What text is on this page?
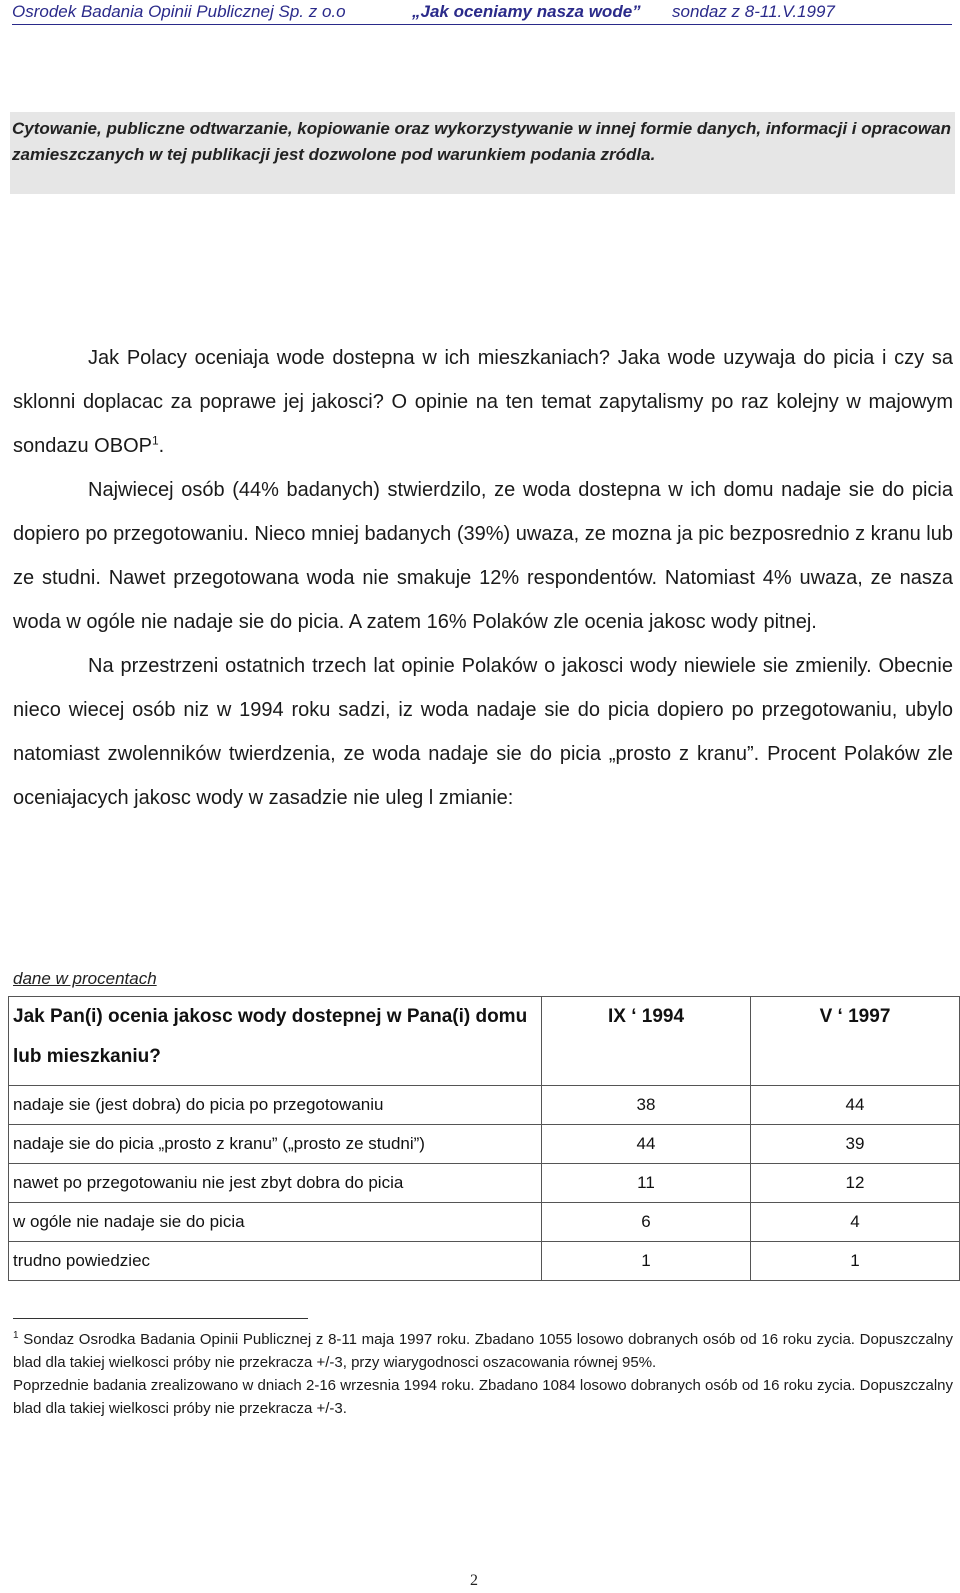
Osrodek Badania Opinii Publicznej Sp. z o.o	„Jak oceniamy nasza wode”	sondaz z 8-11.V.1997
Cytowanie, publiczne odtwarzanie, kopiowanie oraz wykorzystywanie w innej formie danych, informacji i opracowan zamieszczanych w tej publikacji jest dozwolone pod warunkiem podania zródla.

Jak Polacy oceniaja wode dostepna w ich mieszkaniach? Jaka wode uzywaja do picia i czy sa sklonni doplacac za poprawe jej jakosci? O opinie na ten temat zapytalismy po raz kolejny w majowym sondazu OBOP$^1$.

Najwiecej osób (44% badanych) stwierdzilo, ze woda dostepna w ich domu nadaje sie do picia dopiero po przegotowaniu. Nieco mniej badanych (39%) uwaza, ze mozna ja pic bezposrednio z kranu lub ze studni. Nawet przegotowana woda nie smakuje 12% respondentów. Natomiast 4% uwaza, ze nasza woda w ogóle nie nadaje sie do picia. A zatem 16% Polaków zle ocenia jakosc wody pitnej.

Na przestrzeni ostatnich trzech lat opinie Polaków o jakosci wody niewiele sie zmienily. Obecnie nieco wiecej osób niz w 1994 roku sadzi, iz woda nadaje sie do picia dopiero po przegotowaniu, ubylo natomiast zwolenników twierdzenia, ze woda nadaje sie do picia „prosto z kranu”. Procent Polaków zle oceniajacych jakosc wody w zasadzie nie uleg l zmianie:

dane w procentach
Jak Pan(i) ocenia jakosc wody dostepnej w Pana(i) domu lub mieszkaniu?	IX ‘ 1994	V ‘ 1997
nadaje sie (jest dobra) do picia po przegotowaniu	38	44
nadaje sie do picia „prosto z kranu” („prosto ze studni”)	44	39
nawet po przegotowaniu nie jest zbyt dobra do picia	11	12
w ogóle nie nadaje sie do picia	6	4
trudno powiedziec	1	1

$^1$ Sondaz Osrodka Badania Opinii Publicznej z 8-11 maja 1997 roku. Zbadano 1055 losowo dobranych osób od 16 roku zycia. Dopuszczalny blad dla takiej wielkosci próby nie przekracza +/-3, przy wiarygodnosci oszacowania równej 95%.

Poprzednie badania zrealizowano w dniach 2-16 wrzesnia 1994 roku. Zbadano 1084 losowo dobranych osób od 16 roku zycia. Dopuszczalny blad dla takiej wielkosci próby nie przekracza +/-3.

2
